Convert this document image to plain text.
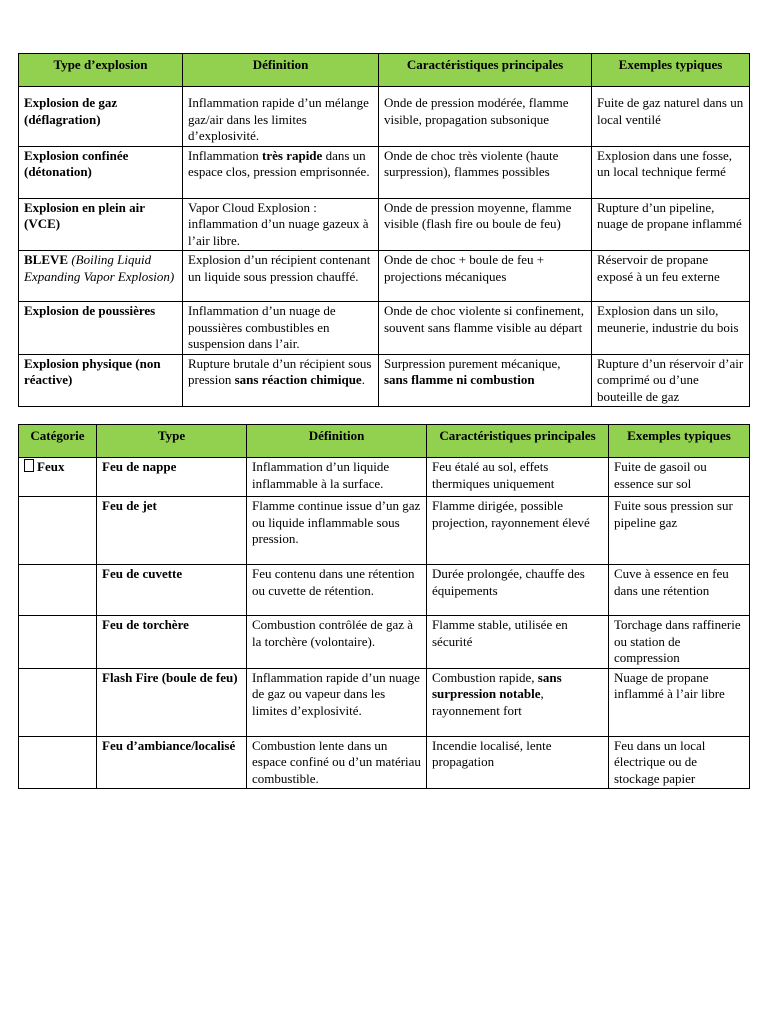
Type d’explosion	Définition	Caractéristiques principales	Exemples typiques
Explosion de gaz (déflagration)	Inflammation rapide d’un mélange gaz/air dans les limites d’explosivité.	Onde de pression modérée, flamme visible, propagation subsonique	Fuite de gaz naturel dans un local ventilé
Explosion confinée (détonation)	Inflammation très rapide dans un espace clos, pression emprisonnée.	Onde de choc très violente (haute surpression), flammes possibles	Explosion dans une fosse, un local technique fermé
Explosion en plein air (VCE)	Vapor Cloud Explosion : inflammation d’un nuage gazeux à l’air libre.	Onde de pression moyenne, flamme visible (flash fire ou boule de feu)	Rupture d’un pipeline, nuage de propane inflammé
BLEVE (Boiling Liquid Expanding Vapor Explosion)	Explosion d’un récipient contenant un liquide sous pression chauffé.	Onde de choc + boule de feu + projections mécaniques	Réservoir de propane exposé à un feu externe
Explosion de poussières	Inflammation d’un nuage de poussières combustibles en suspension dans l’air.	Onde de choc violente si confinement, souvent sans flamme visible au départ	Explosion dans un silo, meunerie, industrie du bois
Explosion physique (non réactive)	Rupture brutale d’un récipient sous pression sans réaction chimique.	Surpression purement mécanique, sans flamme ni combustion	Rupture d’un réservoir d’air comprimé ou d’une bouteille de gaz
Catégorie	Type	Définition	Caractéristiques principales	Exemples typiques
Feux	Feu de nappe	Inflammation d’un liquide inflammable à la surface.	Feu étalé au sol, effets thermiques uniquement	Fuite de gasoil ou essence sur sol
	Feu de jet	Flamme continue issue d’un gaz ou liquide inflammable sous pression.	Flamme dirigée, possible projection, rayonnement élevé	Fuite sous pression sur pipeline gaz
	Feu de cuvette	Feu contenu dans une rétention ou cuvette de rétention.	Durée prolongée, chauffe des équipements	Cuve à essence en feu dans une rétention
	Feu de torchère	Combustion contrôlée de gaz à la torchère (volontaire).	Flamme stable, utilisée en sécurité	Torchage dans raffinerie ou station de compression
	Flash Fire (boule de feu)	Inflammation rapide d’un nuage de gaz ou vapeur dans les limites d’explosivité.	Combustion rapide, sans surpression notable, rayonnement fort	Nuage de propane inflammé à l’air libre
	Feu d’ambiance/localisé	Combustion lente dans un espace confiné ou d’un matériau combustible.	Incendie localisé, lente propagation	Feu dans un local électrique ou de stockage papier
